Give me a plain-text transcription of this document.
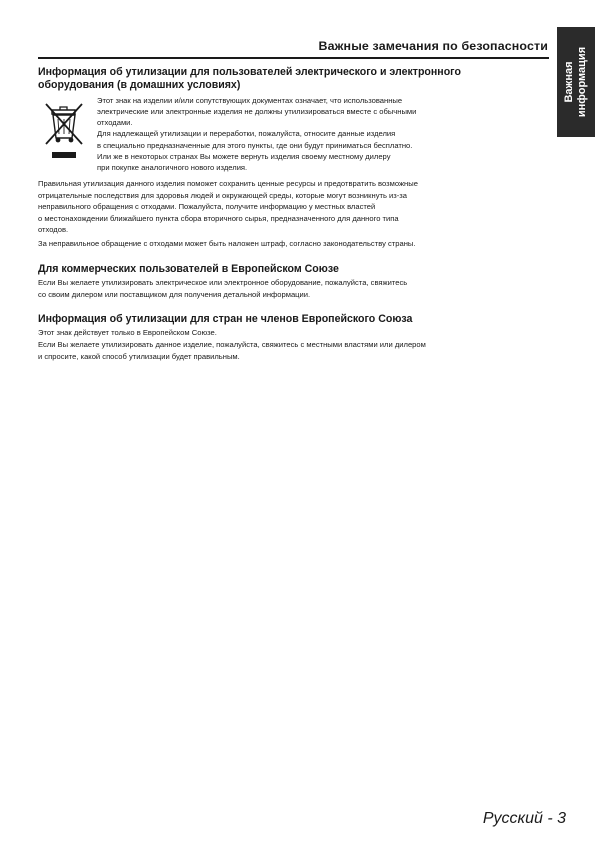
Важная информация
Важные замечания по безопасности
Информация об утилизации для пользователей электрического и электронного
оборудования (в домашних условиях)
Этот знак на изделии и/или сопутствующих документах означает, что использованные
электрические или электронные изделия не должны утилизироваться вместе с обычными
отходами.
Для надлежащей утилизации и переработки, пожалуйста, относите данные изделия
в специально предназначенные для этого пункты, где они будут приниматься бесплатно.
Или же в некоторых странах Вы можете вернуть изделия своему местному дилеру
при покупке аналогичного нового изделия.
Правильная утилизация данного изделия поможет сохранить ценные ресурсы и предотвратить возможные
отрицательные последствия для здоровья людей и окружающей среды, которые могут возникнуть из-за
неправильного обращения с отходами. Пожалуйста, получите информацию у местных властей
о местонахождении ближайшего пункта сбора вторичного сырья, предназначенного для данного типа
отходов.
За неправильное обращение с отходами может быть наложен штраф, согласно законодательству страны.
Для коммерческих пользователей в Европейском Союзе
Если Вы желаете утилизировать электрическое или электронное оборудование, пожалуйста, свяжитесь
со своим дилером или поставщиком для получения детальной информации.
Информация об утилизации для стран не членов Европейского Союза
Этот знак действует только в Европейском Союзе.
Если Вы желаете утилизировать данное изделие, пожалуйста, свяжитесь с местными властями или дилером
и спросите, какой способ утилизации будет правильным.
Русский - 3
